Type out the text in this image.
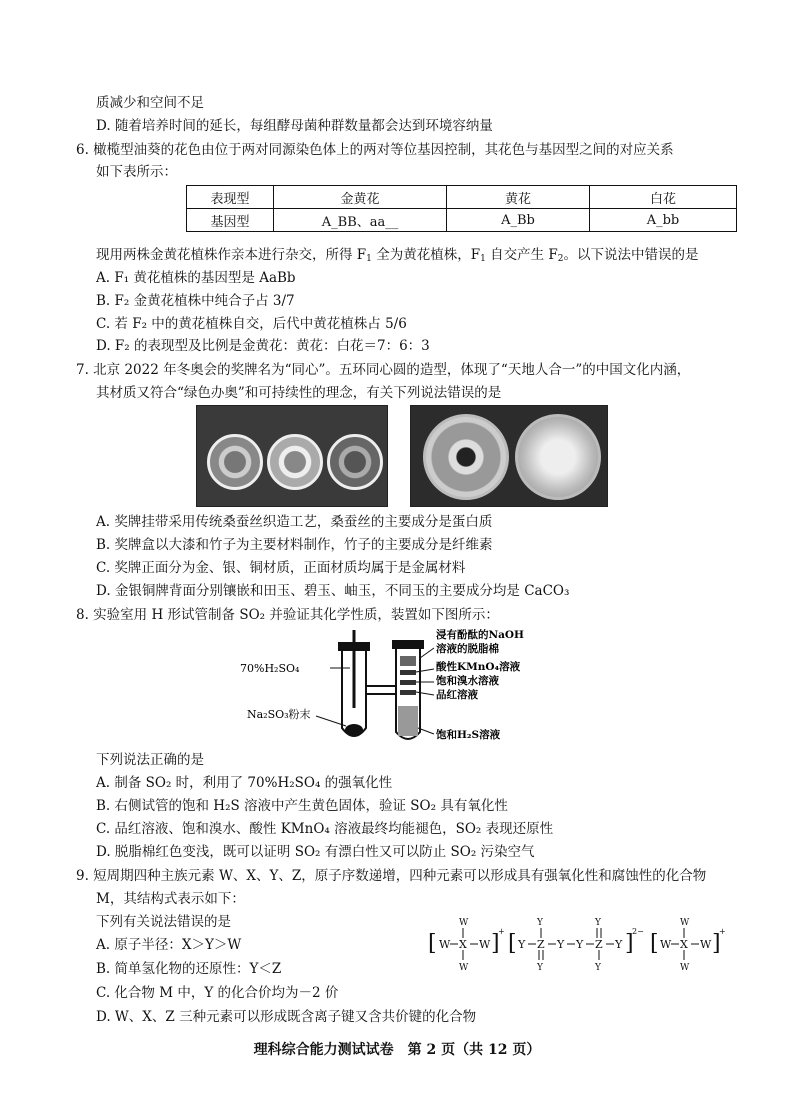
质减少和空间不足
D. 随着培养时间的延长，每组酵母菌种群数量都会达到环境容纳量
6. 橄榄型油葵的花色由位于两对同源染色体上的两对等位基因控制，其花色与基因型之间的对应关系
如下表所示：
表现型	金黄花	黄花	白花
基因型	A_BB、aa__	A_Bb	A_bb
现用两株金黄花植株作亲本进行杂交，所得 $F_1$ 全为黄花植株，$F_1$ 自交产生 $F_2$。以下说法中错误的是
A. F₁ 黄花植株的基因型是 AaBb
B. F₂ 金黄花植株中纯合子占 3/7
C. 若 F₂ 中的黄花植株自交，后代中黄花植株占 5/6
D. F₂ 的表现型及比例是金黄花：黄花：白花＝7：6：3
7. 北京 2022 年冬奥会的奖牌名为“同心”。五环同心圆的造型，体现了“天地人合一”的中国文化内涵，
其材质又符合“绿色办奥”和可持续性的理念，有关下列说法错误的是
A. 奖牌挂带采用传统桑蚕丝织造工艺，桑蚕丝的主要成分是蛋白质
B. 奖牌盒以大漆和竹子为主要材料制作，竹子的主要成分是纤维素
C. 奖牌正面分为金、银、铜材质，正面材质均属于是金属材料
D. 金银铜牌背面分别镶嵌和田玉、碧玉、岫玉，不同玉的主要成分均是 CaCO₃
8. 实验室用 H 形试管制备 SO₂ 并验证其化学性质，装置如下图所示：
70%H₂SO₄
Na₂SO₃粉末
浸有酚酞的NaOH
溶液的脱脂棉
酸性KMnO₄溶液
饱和溴水溶液
品红溶液
饱和H₂S溶液
下列说法正确的是
A. 制备 SO₂ 时，利用了 70%H₂SO₄ 的强氧化性
B. 右侧试管的饱和 H₂S 溶液中产生黄色固体，验证 SO₂ 具有氧化性
C. 品红溶液、饱和溴水、酸性 KMnO₄ 溶液最终均能褪色，SO₂ 表现还原性
D. 脱脂棉红色变浅，既可以证明 SO₂ 有漂白性又可以防止 SO₂ 污染空气
9. 短周期四种主族元素 W、X、Y、Z，原子序数递增，四种元素可以形成具有强氧化性和腐蚀性的化合物
M，其结构式表示如下：
下列有关说法错误的是
A. 原子半径：X＞Y＞W
B. 简单氢化物的还原性：Y＜Z
C. 化合物 M 中，Y 的化合价均为－2 价
D. W、X、Z 三种元素可以形成既含离子键又含共价键的化合物
[ W X W
W
W
]
+ [ Y Z
Y
Y
Y Y Z
Y
Y
Y ]
2− [ W X W
W
W
]
+
理科综合能力测试试卷　第 2 页（共 12 页）
